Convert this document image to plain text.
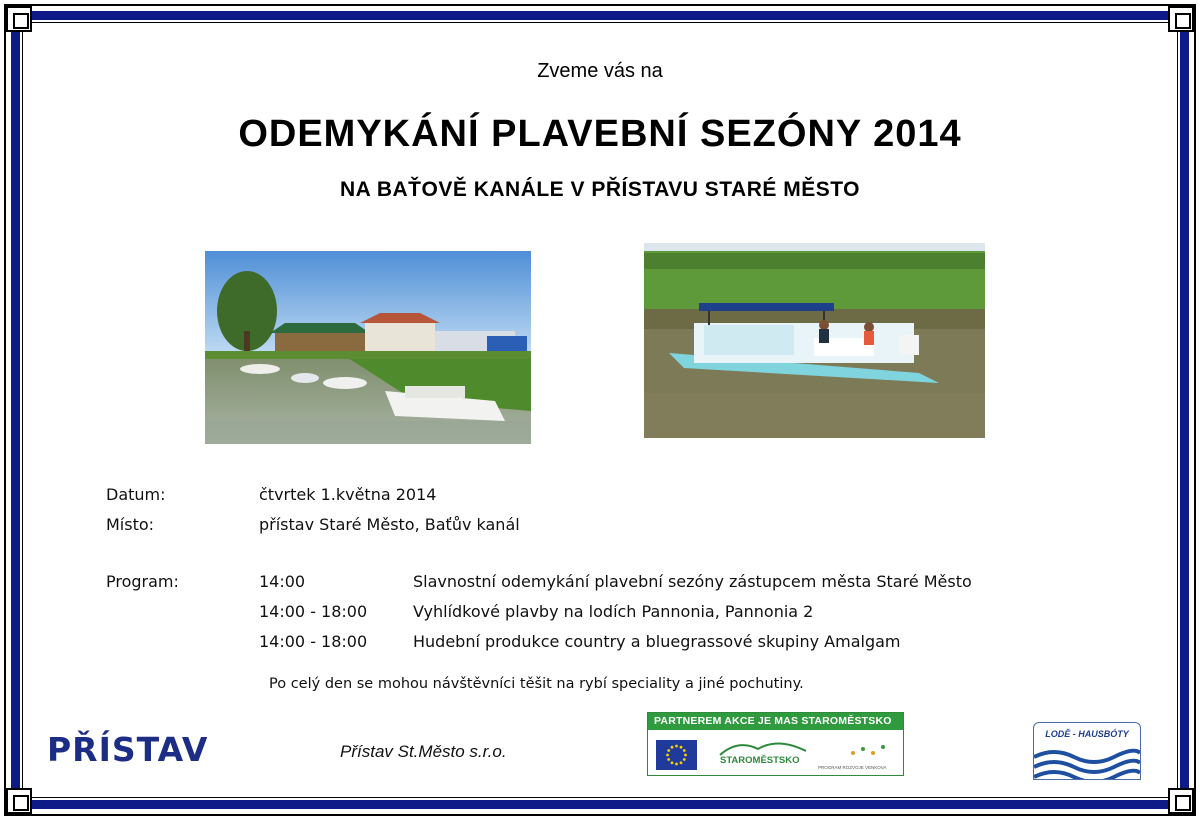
Zveme vás na
ODEMYKÁNÍ PLAVEBNÍ SEZÓNY 2014
NA BAŤOVĚ KANÁLE V PŘÍSTAVU STARÉ MĚSTO
Datum:	čtvrtek 1.května 2014
Místo:	přístav Staré Město, Baťův kanál
Program:	14:00	Slavnostní odemykání plavební sezóny zástupcem města Staré Město
14:00 - 18:00	Vyhlídkové plavby na lodích Pannonia, Pannonia 2
14:00 - 18:00	Hudební produkce country a bluegrassové skupiny Amalgam
Po celý den se mohou návštěvníci těšit na rybí speciality a jiné pochutiny.
PŘÍSTAV	Přístav St.Město s.r.o.
PARTNEREM AKCE JE MAS STAROMĚSTSKO
STAROMĚSTSKO
PROGRAM ROZVOJE VENKOVA
LODĚ - HAUSBÓTY
